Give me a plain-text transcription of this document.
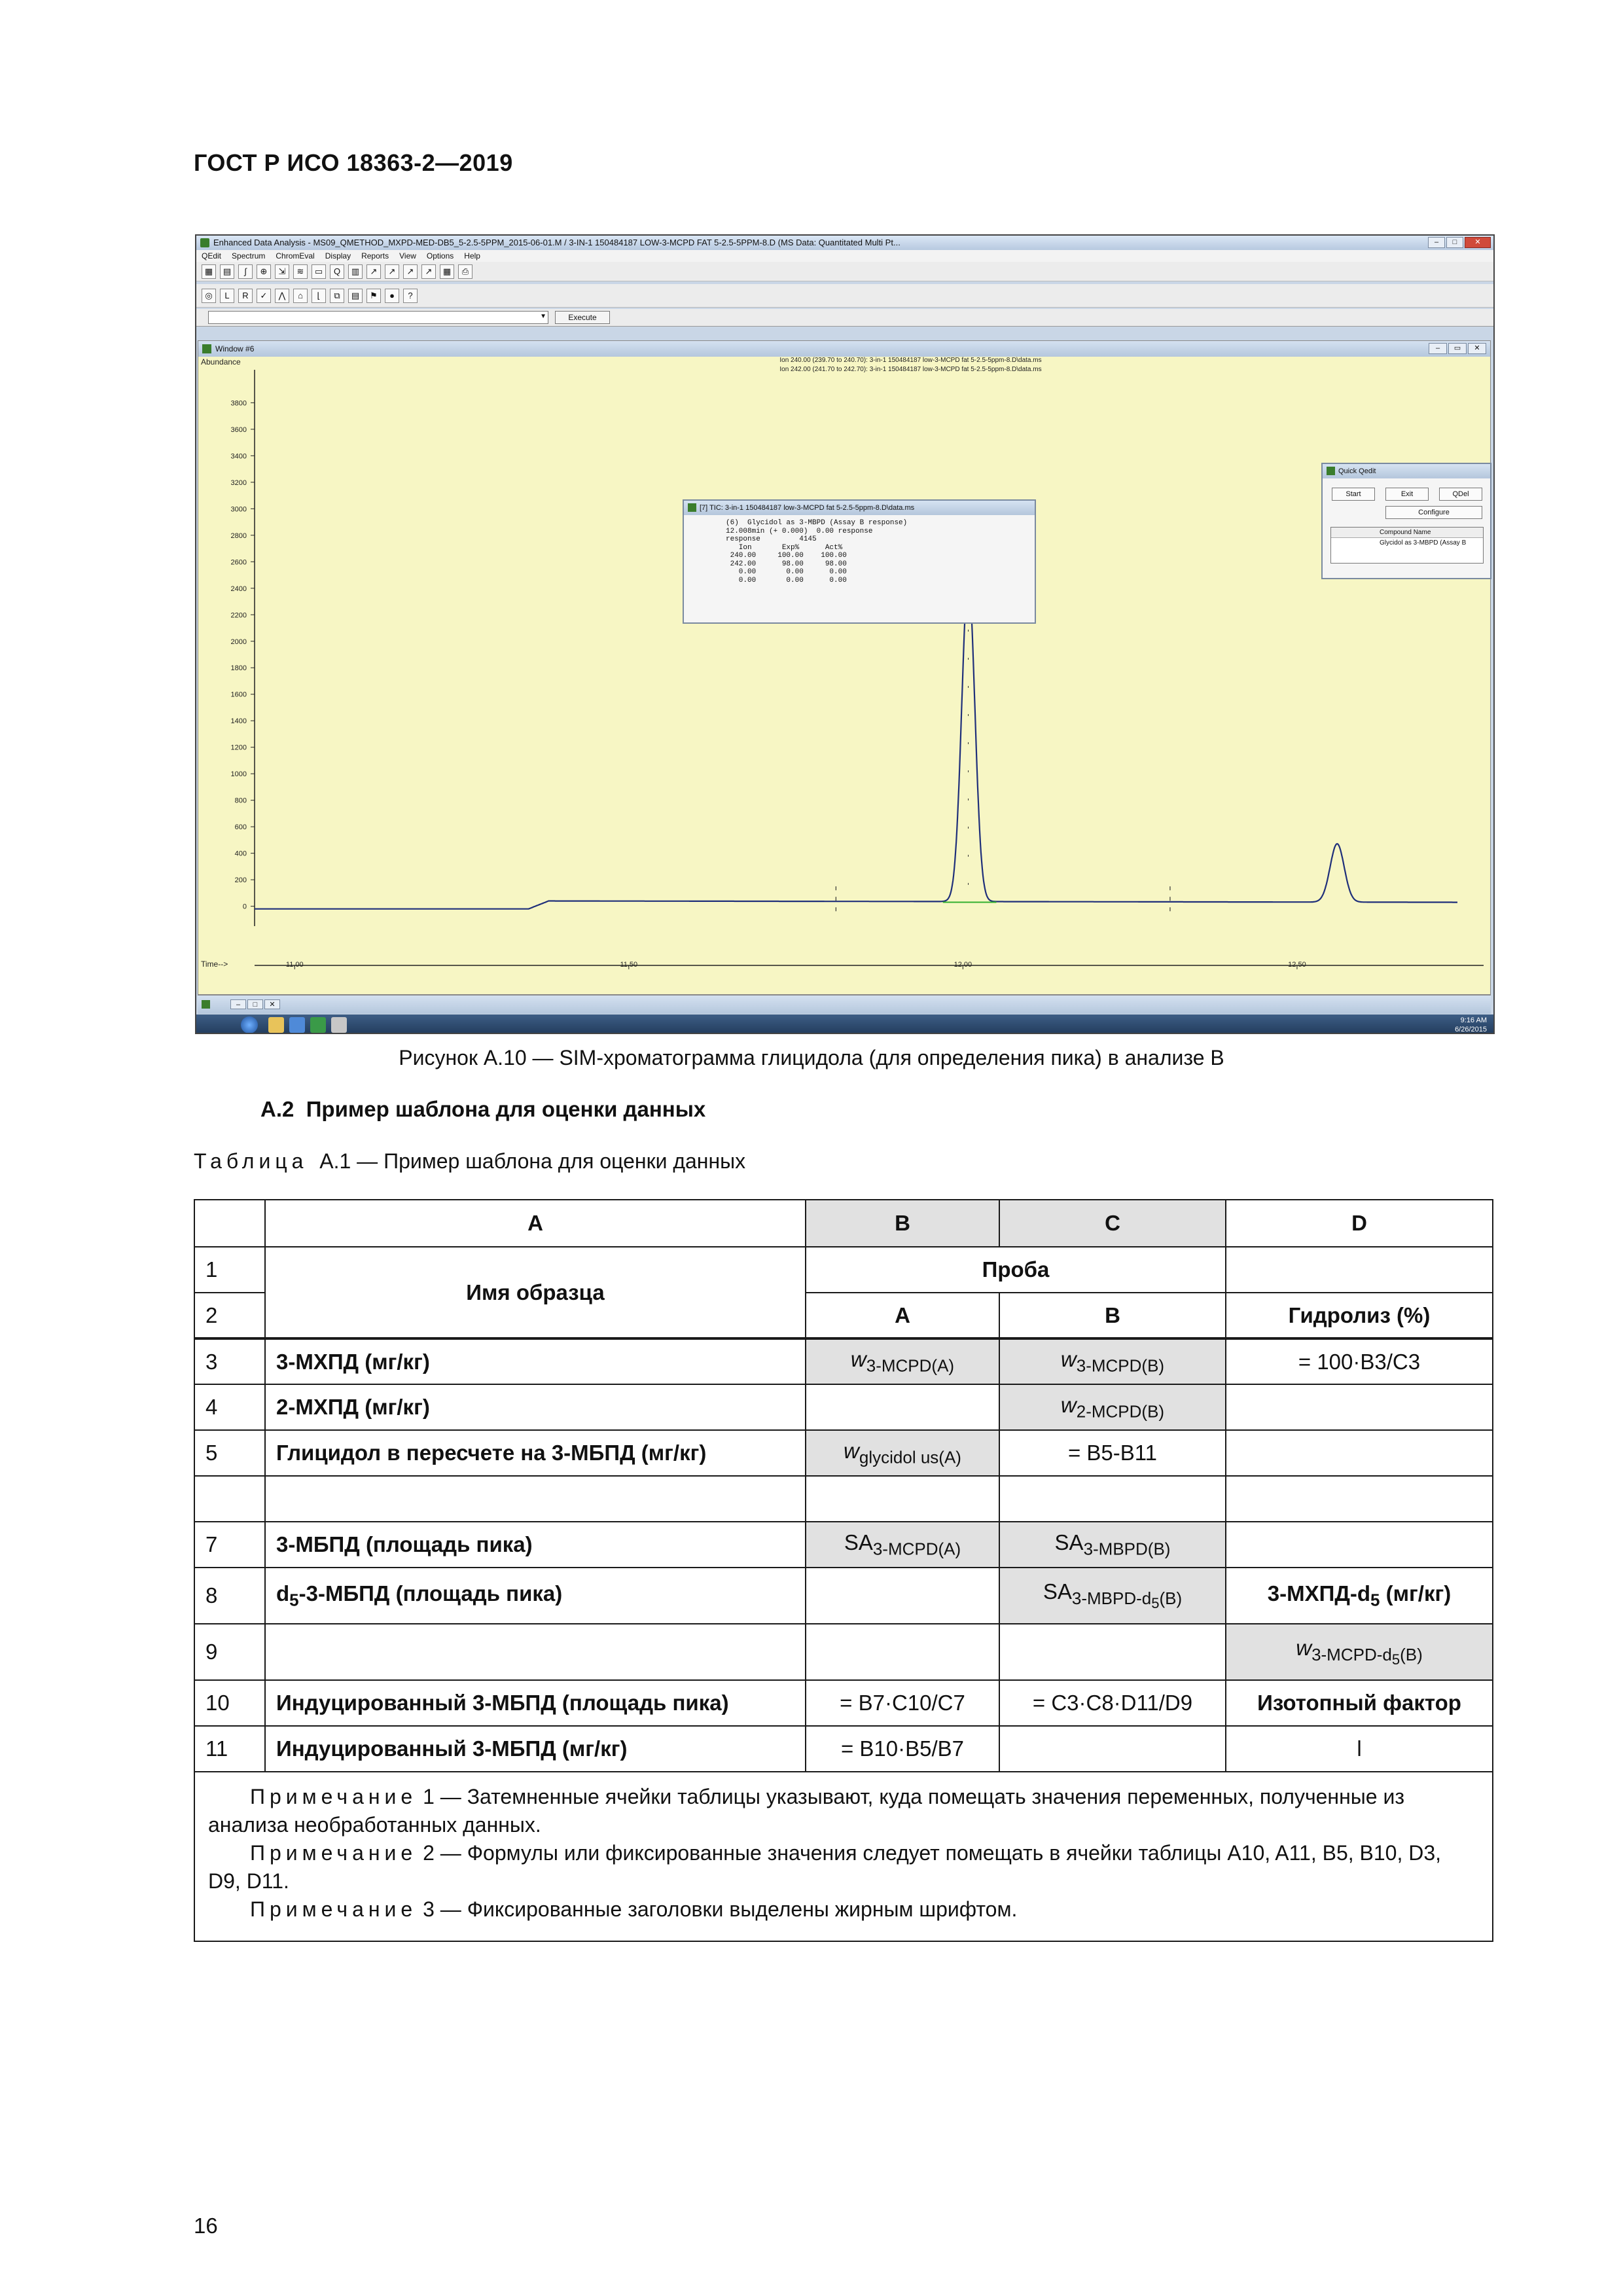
ГОСТ Р ИСО 18363-2—2019
Enhanced Data Analysis - MS09_QMETHOD_MXPD-MED-DB5_5-2.5-5PPM_2015-06-01.M / 3-IN-1 150484187 LOW-3-MCPD FAT 5-2.5-5PPM-8.D (MS Data: Quantitated Multi Pt...	–	□	✕
QEdit Spectrum ChromEval Display Reports View Options Help
▦	▤	∫	⊕	⇲	≋	▭	Q	▥	↗	↗	↗	↗	▦	⎙
◎	L	R	✓	⋀	⌂	⌊	⧉	▤	⚑	●	?
▼	Execute
Window #6	–	▭	✕
Abundance
Time-->
0
200
400
600
800
1000
1200
1400
1600
1800
2000
2200
2400
2600
2800
3000
3200
3400
3600
3800
11.00	11.50	12.00	12.50
Ion 240.00 (239.70 to 240.70): 3-in-1 150484187 low-3-MCPD fat 5-2.5-5ppm-8.D\data.ms
Ion 242.00 (241.70 to 242.70): 3-in-1 150484187 low-3-MCPD fat 5-2.5-5ppm-8.D\data.ms
[7] TIC: 3-in-1 150484187 low-3-MCPD fat 5-2.5-5ppm-8.D\data.ms
(6)  Glycidol as 3-MBPD (Assay B response)
12.008min (+ 0.000)  0.00 response
response         4145
Ion       Exp%      Act%
240.00     100.00    100.00
242.00      98.00     98.00
0.00       0.00      0.00
0.00       0.00      0.00
Quick Qedit
Start	Exit	QDel
Configure
Compound Name
Glycidol as 3-MBPD (Assay B
–	□	✕
9:16 AM
6/26/2015
Рисунок А.10 — SIM-хроматограмма глицидола (для определения пика) в анализе В
А.2 Пример шаблона для оценки данных
Таблица А.1 — Пример шаблона для оценки данных
	A	B	C	D
1	Имя образца	Проба		
2		A	B	Гидролиз (%)
3	3-МХПД (мг/кг)	$w_{3-MCPD(A)}$	$w_{3-MCPD(B)}$	= 100·B3/C3
4	2-МХПД (мг/кг)		$w_{2-MCPD(B)}$	
5	Глицидол в пересчете на 3-МБПД (мг/кг)	$w_{glycidol us(A)}$	= B5-B11	

7	3-МБПД (площадь пика)	$SA_{3-MCPD(A)}$	$SA_{3-MBPD(B)}$	
8	$d_5-3$-МБПД (площадь пика)		$SA_{3-MBPD-d_5(B)}$	$3-МХПД-d_5$ (мг/кг)
9				$w_{3-MCPD-d_5(B)}$
10	Индуцированный 3-МБПД (площадь пика)	= B7·C10/C7	= C3·C8·D11/D9	Изотопный фактор
11	Индуцированный 3-МБПД (мг/кг)	= B10·B5/B7		l

Примечание 1 — Затемненные ячейки таблицы указывают, куда помещать значения переменных, полученные из анализа необработанных данных.

Примечание 2 — Формулы или фиксированные значения следует помещать в ячейки таблицы A10, A11, B5, B10, D3, D9, D11.

Примечание 3 — Фиксированные заголовки выделены жирным шрифтом.				

16
